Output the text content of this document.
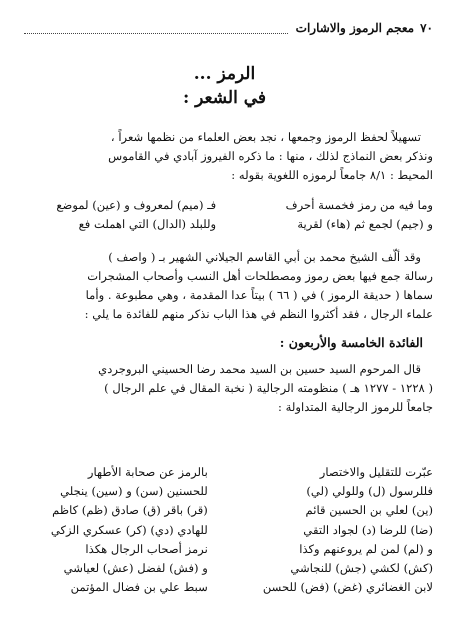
٧٠
معجم الرموز والاشارات
الرمز ...
في الشعر :
تسهيلاً لحفظ الرموز وجمعها ، نجد بعض العلماء من نظمها شعراً ،
ونذكر بعض النماذج لذلك ، منها : ما ذكره الفيروز آبادي في القاموس
المحيط : ٨/١ جامعاً لرموزه اللغوية بقوله :
وما فيه من رمز فخمسة أحرف
فـ (ميم) لمعروف و (عين) لموضع
و (جيم) لجمع ثم (هاء) لقرية
وللبلد (الدال) التي اهملت فع
وقد ألّف الشيخ محمد بن أبي القاسم الجيلاني الشهير بـ ( واصف )
رسالة جمع فيها بعض رموز ومصطلحات أهل النسب وأصحاب المشجرات
سماها ( حديقة الرموز ) في ( ٦٦ ) بيتاً عدا المقدمة ، وهي مطبوعة . وأما
علماء الرجال ، فقد أكثروا النظم في هذا الباب نذكر منهم للفائدة ما يلي :
الفائدة الخامسة والأربعون :
قال المرحوم السيد حسين بن السيد محمد رضا الحسيني البروجردي
( ١٢٢٨ - ١٢٧٧ هـ ) منظومته الرجالية ( نخبة المقال في علم الرجال )
جامعاً للرموز الرجالية المتداولة :
عبّرت للتقليل والاختصار
بالرمز عن صحابة الأطهار
فللرسول (ل) وللولي (لي)
للحسنين (سن) و (سين) ينجلي
(ين) لعلي بن الحسين قائم
(قر) باقر (ق) صادق (ظم) كاظم
(ضا) للرضا (د) لجواد التقي
للهادي (دي) (كر) عسكري الزكي
و (لم) لمن لم يروعنهم وكذا
نرمز أصحاب الرجال هكذا
(كش) لكشي (جش) للنجاشي
و (فش) لفضل (عش) لعياشي
لابن الغضائري (غض) (فض) للحسن
سبط علي بن فضال المؤتمن
